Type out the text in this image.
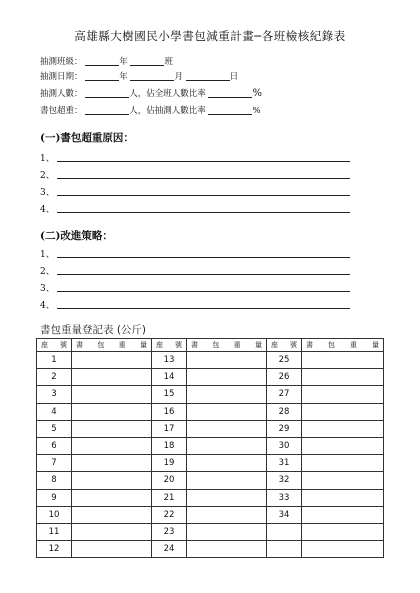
高雄縣大樹國民小學書包減重計畫─各班檢核紀錄表
抽測班級：	年	班
抽測日期：	年	月	日
抽測人數：	人，佔全班人數比率	%
書包超重：	人，佔抽測人數比率	%
(一)書包超重原因：
1、
2、
3、
4、
(二)改進策略：
1、
2、
3、
4、
書包重量登記表 (公斤)
座 號	書 包 重 量	座 號	書 包 重 量	座 號	書 包 重 量

1		13		25	
2		14		26	
3		15		27	
4		16		28	
5		17		29	
6		18		30	
7		19		31	
8		20		32	
9		21		33	
10		22		34	
11		23			
12		24			
